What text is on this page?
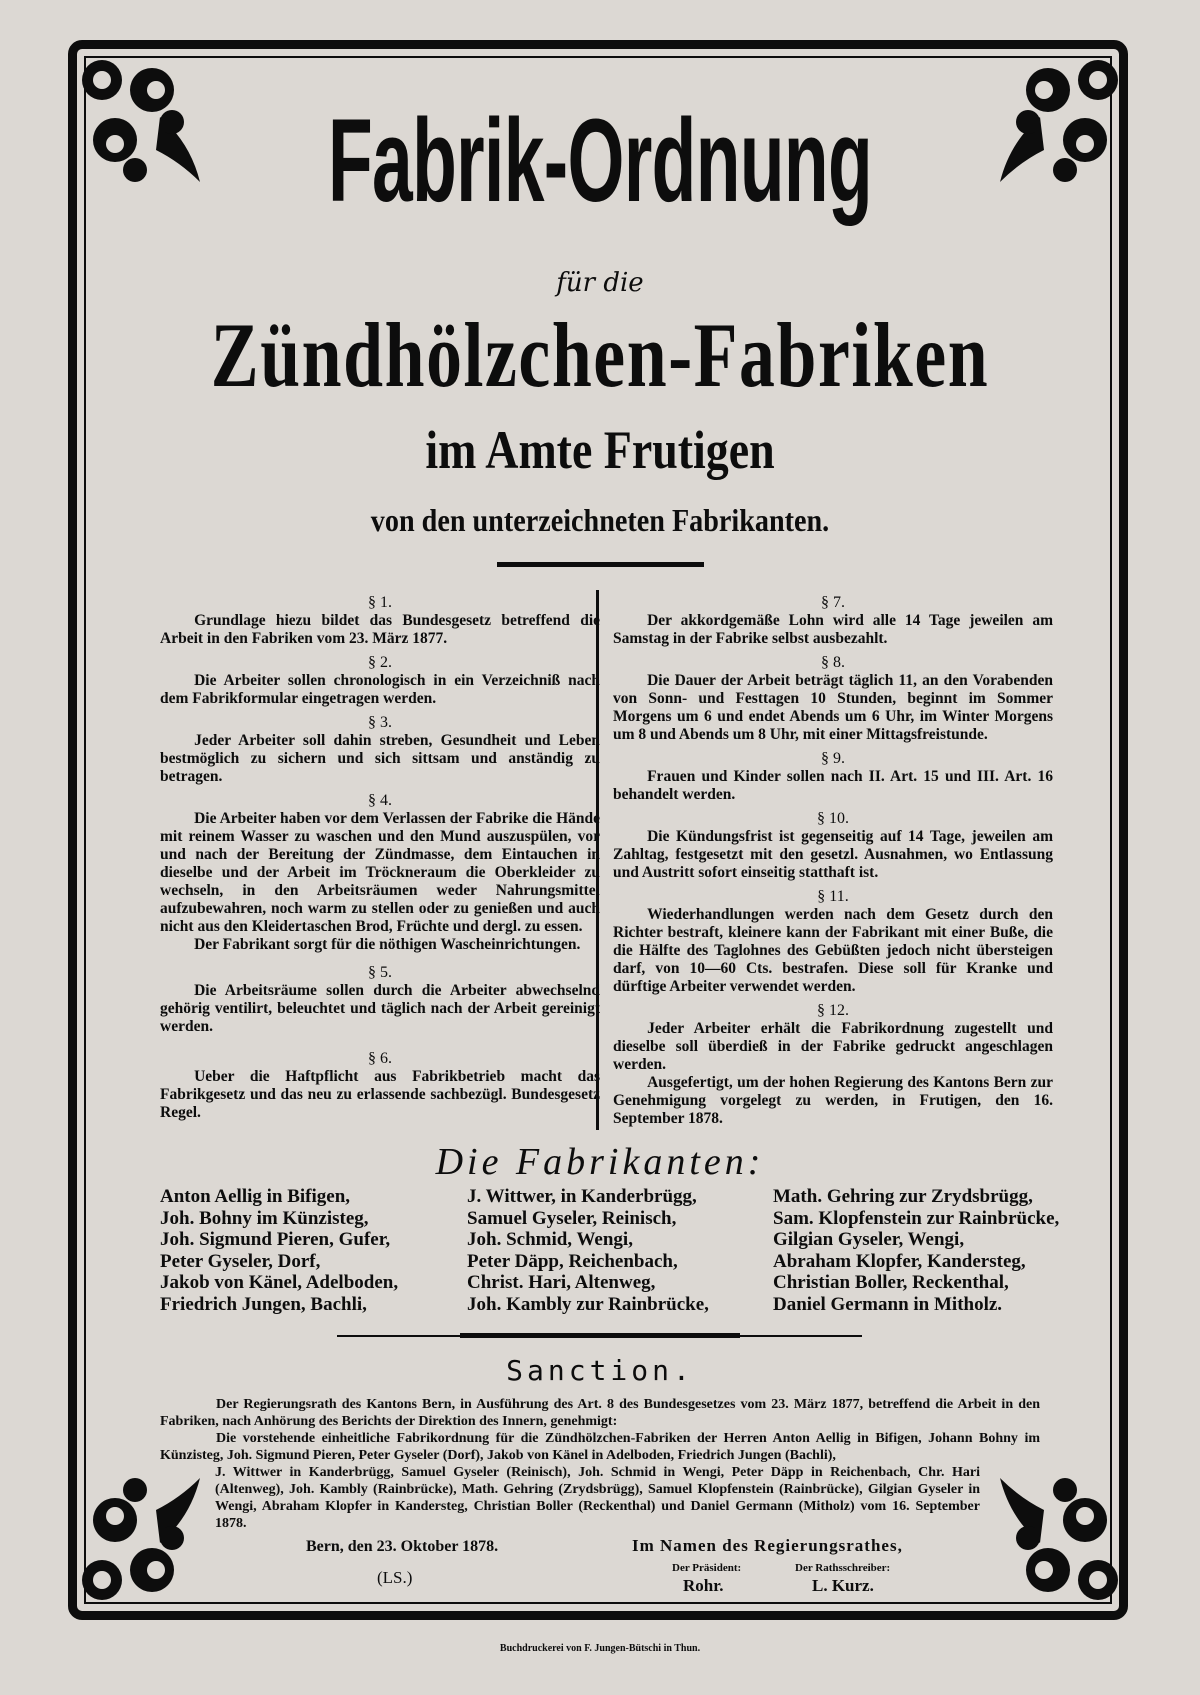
Fabrik-Ordnung
für die
Zündhölzchen-Fabriken
im Amte Frutigen
von den unterzeichneten Fabrikanten.
§ 1.

Grundlage hiezu bildet das Bundesgesetz betreffend die Arbeit in den Fabriken vom 23. März 1877.

§ 2.

Die Arbeiter sollen chronologisch in ein Verzeichniß nach dem Fabrikformular eingetragen werden.

§ 3.

Jeder Arbeiter soll dahin streben, Gesundheit und Leben bestmöglich zu sichern und sich sittsam und anständig zu betragen.

§ 4.

Die Arbeiter haben vor dem Verlassen der Fabrike die Hände mit reinem Wasser zu waschen und den Mund auszuspülen, vor und nach der Bereitung der Zündmasse, dem Eintauchen in dieselbe und der Arbeit im Tröckneraum die Oberkleider zu wechseln, in den Arbeitsräumen weder Nahrungsmittel aufzubewahren, noch warm zu stellen oder zu genießen und auch nicht aus den Kleidertaschen Brod, Früchte und dergl. zu essen.

Der Fabrikant sorgt für die nöthigen Wascheinrichtungen.

§ 5.

Die Arbeitsräume sollen durch die Arbeiter abwechselnd gehörig ventilirt, beleuchtet und täglich nach der Arbeit gereinigt werden.

§ 6.

Ueber die Haftpflicht aus Fabrikbetrieb macht das Fabrikgesetz und das neu zu erlassende sachbezügl. Bundesgesetz Regel.

§ 7.

Der akkordgemäße Lohn wird alle 14 Tage jeweilen am Samstag in der Fabrike selbst ausbezahlt.

§ 8.

Die Dauer der Arbeit beträgt täglich 11, an den Vorabenden von Sonn- und Festtagen 10 Stunden, beginnt im Sommer Morgens um 6 und endet Abends um 6 Uhr, im Winter Morgens um 8 und Abends um 8 Uhr, mit einer Mittagsfreistunde.

§ 9.

Frauen und Kinder sollen nach II. Art. 15 und III. Art. 16 behandelt werden.

§ 10.

Die Kündungsfrist ist gegenseitig auf 14 Tage, jeweilen am Zahltag, festgesetzt mit den gesetzl. Ausnahmen, wo Entlassung und Austritt sofort einseitig statthaft ist.

§ 11.

Wiederhandlungen werden nach dem Gesetz durch den Richter bestraft, kleinere kann der Fabrikant mit einer Buße, die die Hälfte des Taglohnes des Gebüßten jedoch nicht übersteigen darf, von 10—60 Cts. bestrafen. Diese soll für Kranke und dürftige Arbeiter verwendet werden.

§ 12.

Jeder Arbeiter erhält die Fabrikordnung zugestellt und dieselbe soll überdieß in der Fabrike gedruckt angeschlagen werden.

Ausgefertigt, um der hohen Regierung des Kantons Bern zur Genehmigung vorgelegt zu werden, in Frutigen, den 16. September 1878.

Die Fabrikanten:
Anton Aellig in Bifigen,
Joh. Bohny im Künzisteg,
Joh. Sigmund Pieren, Gufer,
Peter Gyseler, Dorf,
Jakob von Känel, Adelboden,
Friedrich Jungen, Bachli,
J. Wittwer, in Kanderbrügg,
Samuel Gyseler, Reinisch,
Joh. Schmid, Wengi,
Peter Däpp, Reichenbach,
Christ. Hari, Altenweg,
Joh. Kambly zur Rainbrücke,
Math. Gehring zur Zrydsbrügg,
Sam. Klopfenstein zur Rainbrücke,
Gilgian Gyseler, Wengi,
Abraham Klopfer, Kandersteg,
Christian Boller, Reckenthal,
Daniel Germann in Mitholz.
Sanction.

Der Regierungsrath des Kantons Bern, in Ausführung des Art. 8 des Bundesgesetzes vom 23. März 1877, betreffend die Arbeit in den Fabriken, nach Anhörung des Berichts der Direktion des Innern, genehmigt:

Die vorstehende einheitliche Fabrikordnung für die Zündhölzchen-Fabriken der Herren Anton Aellig in Bifigen, Johann Bohny im Künzisteg, Joh. Sigmund Pieren, Peter Gyseler (Dorf), Jakob von Känel in Adelboden, Friedrich Jungen (Bachli),

J. Wittwer in Kanderbrügg, Samuel Gyseler (Reinisch), Joh. Schmid in Wengi, Peter Däpp in Reichenbach, Chr. Hari (Altenweg), Joh. Kambly (Rainbrücke), Math. Gehring (Zrydsbrügg), Samuel Klopfenstein (Rainbrücke), Gilgian Gyseler in Wengi, Abraham Klopfer in Kandersteg, Christian Boller (Reckenthal) und Daniel Germann (Mitholz) vom 16. September 1878.

Bern, den 23. Oktober 1878.
(LS.)
Im Namen des Regierungsrathes,
Der Präsident:
Rohr.
Der Rathsschreiber:
L. Kurz.
Buchdruckerei von F. Jungen-Bütschi in Thun.
